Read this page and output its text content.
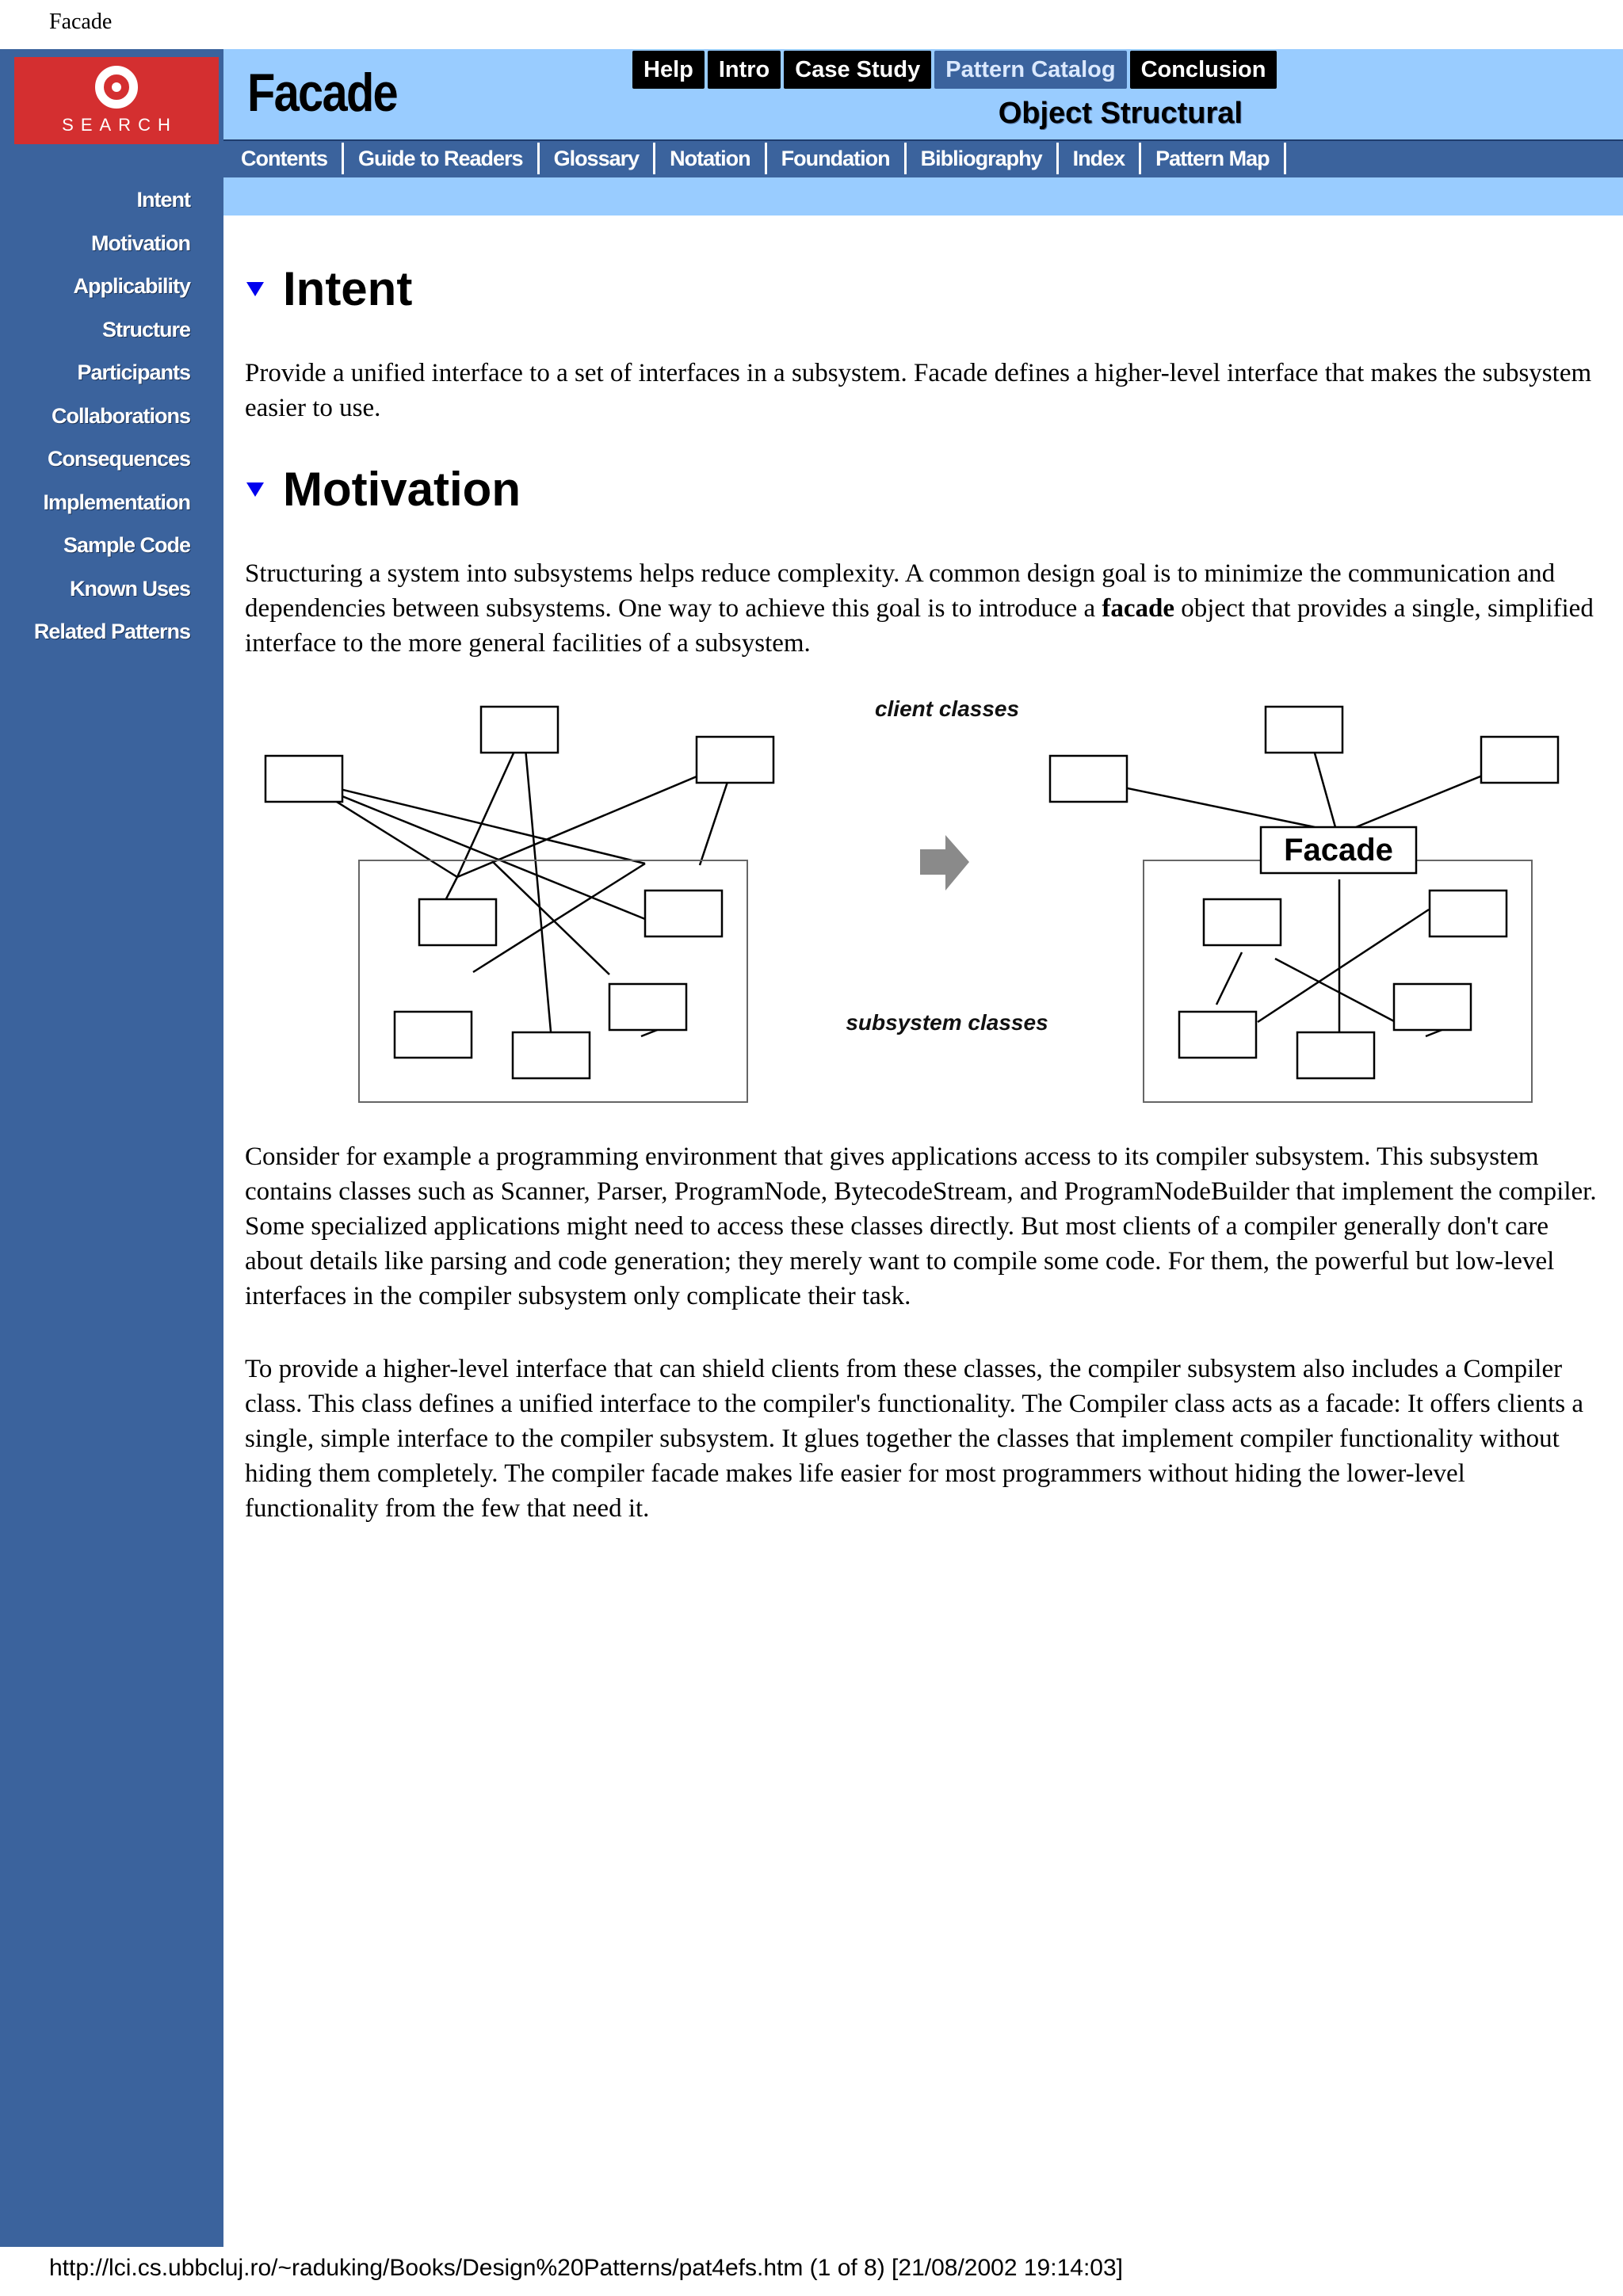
Facade
SEARCH
Intent
Motivation
Applicability
Structure
Participants
Collaborations
Consequences
Implementation
Sample Code
Known Uses
Related Patterns
Facade	Help	Intro	Case Study	Pattern Catalog	Conclusion
Object Structural
Contents	Guide to Readers	Glossary	Notation	Foundation	Bibliography	Index	Pattern Map
Intent

Provide a unified interface to a set of interfaces in a subsystem. Facade defines a higher-level interface that makes the subsystem easier to use.

Motivation

Structuring a system into subsystems helps reduce complexity. A common design goal is to minimize the communication and dependencies between subsystems. One way to achieve this goal is to introduce a facade object that provides a single, simplified interface to the more general facilities of a subsystem.

client classes
subsystem classes
Facade

Consider for example a programming environment that gives applications access to its compiler subsystem. This subsystem contains classes such as Scanner, Parser, ProgramNode, BytecodeStream, and ProgramNodeBuilder that implement the compiler. Some specialized applications might need to access these classes directly. But most clients of a compiler generally don't care about details like parsing and code generation; they merely want to compile some code. For them, the powerful but low-level interfaces in the compiler subsystem only complicate their task.

To provide a higher-level interface that can shield clients from these classes, the compiler subsystem also includes a Compiler class. This class defines a unified interface to the compiler's functionality. The Compiler class acts as a facade: It offers clients a single, simple interface to the compiler subsystem. It glues together the classes that implement compiler functionality without hiding them completely. The compiler facade makes life easier for most programmers without hiding the lower-level functionality from the few that need it.

http://lci.cs.ubbcluj.ro/~raduking/Books/Design%20Patterns/pat4efs.htm (1 of 8) [21/08/2002 19:14:03]
